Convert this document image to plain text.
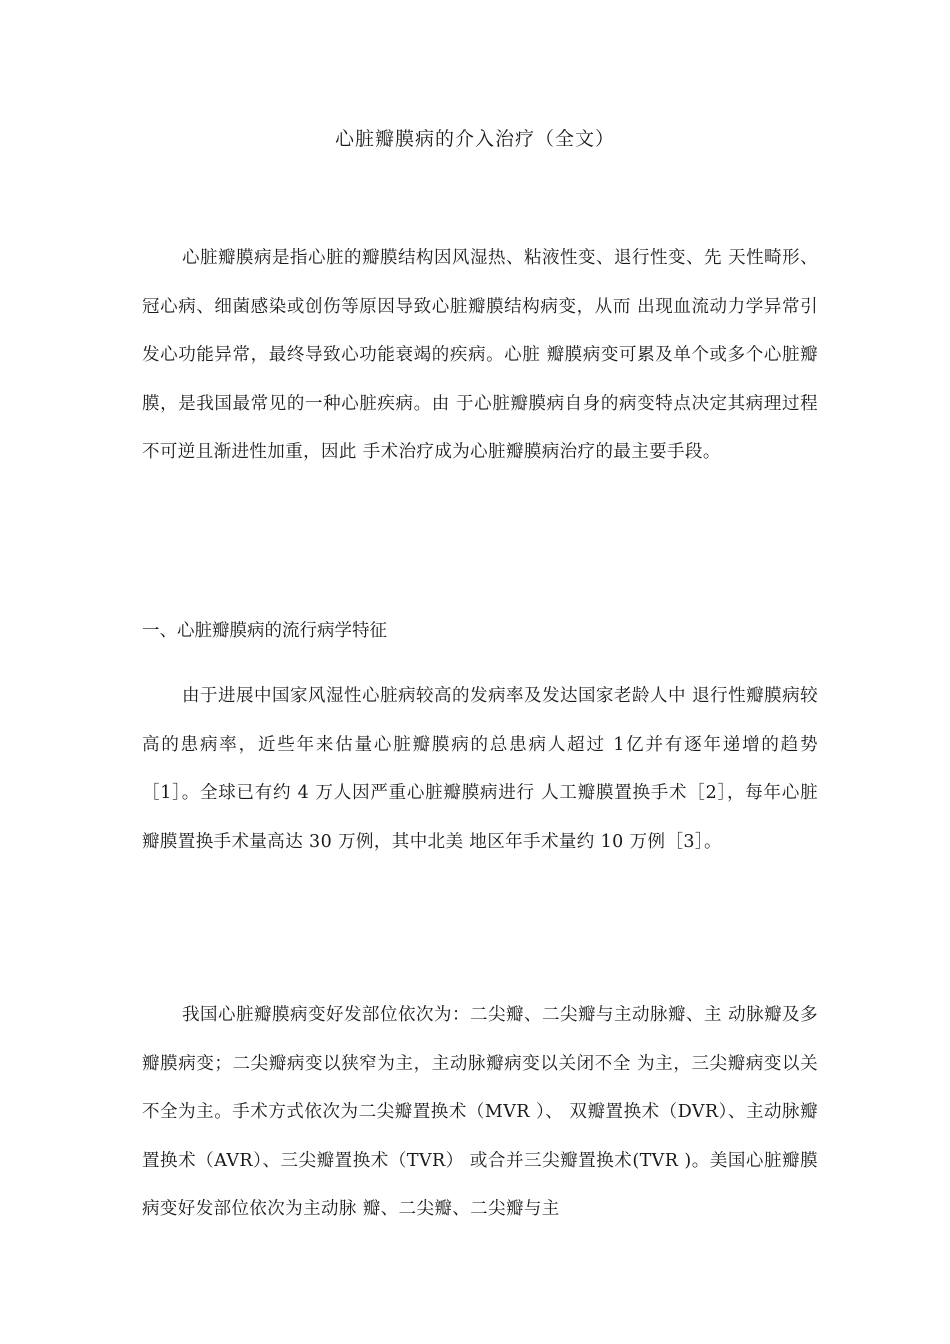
心脏瓣膜病的介入治疗（全文）

心脏瓣膜病是指心脏的瓣膜结构因风湿热、粘液性变、退行性变、先 天性畸形、冠心病、细菌感染或创伤等原因导致心脏瓣膜结构病变，从而 出现血流动力学异常引发心功能异常，最终导致心功能衰竭的疾病。心脏 瓣膜病变可累及单个或多个心脏瓣膜，是我国最常见的一种心脏疾病。由 于心脏瓣膜病自身的病变特点决定其病理过程不可逆且渐进性加重，因此 手术治疗成为心脏瓣膜病治疗的最主要手段。

一、心脏瓣膜病的流行病学特征

由于进展中国家风湿性心脏病较高的发病率及发达国家老龄人中 退行性瓣膜病较高的患病率，近些年来估量心脏瓣膜病的总患病人超过 1亿并有逐年递增的趋势［1］。全球已有约 4 万人因严重心脏瓣膜病进行 人工瓣膜置换手术［2］，每年心脏瓣膜置换手术量高达 30 万例，其中北美 地区年手术量约 10 万例［3］。

我国心脏瓣膜病变好发部位依次为：二尖瓣、二尖瓣与主动脉瓣、主 动脉瓣及多瓣膜病变；二尖瓣病变以狭窄为主，主动脉瓣病变以关闭不全 为主，三尖瓣病变以关不全为主。手术方式依次为二尖瓣置换术（MVR ）、 双瓣置换术（DVR）、主动脉瓣置换术（AVR）、三尖瓣置换术（TVR） 或合并三尖瓣置换术(TVR )。美国心脏瓣膜病变好发部位依次为主动脉 瓣、二尖瓣、二尖瓣与主
